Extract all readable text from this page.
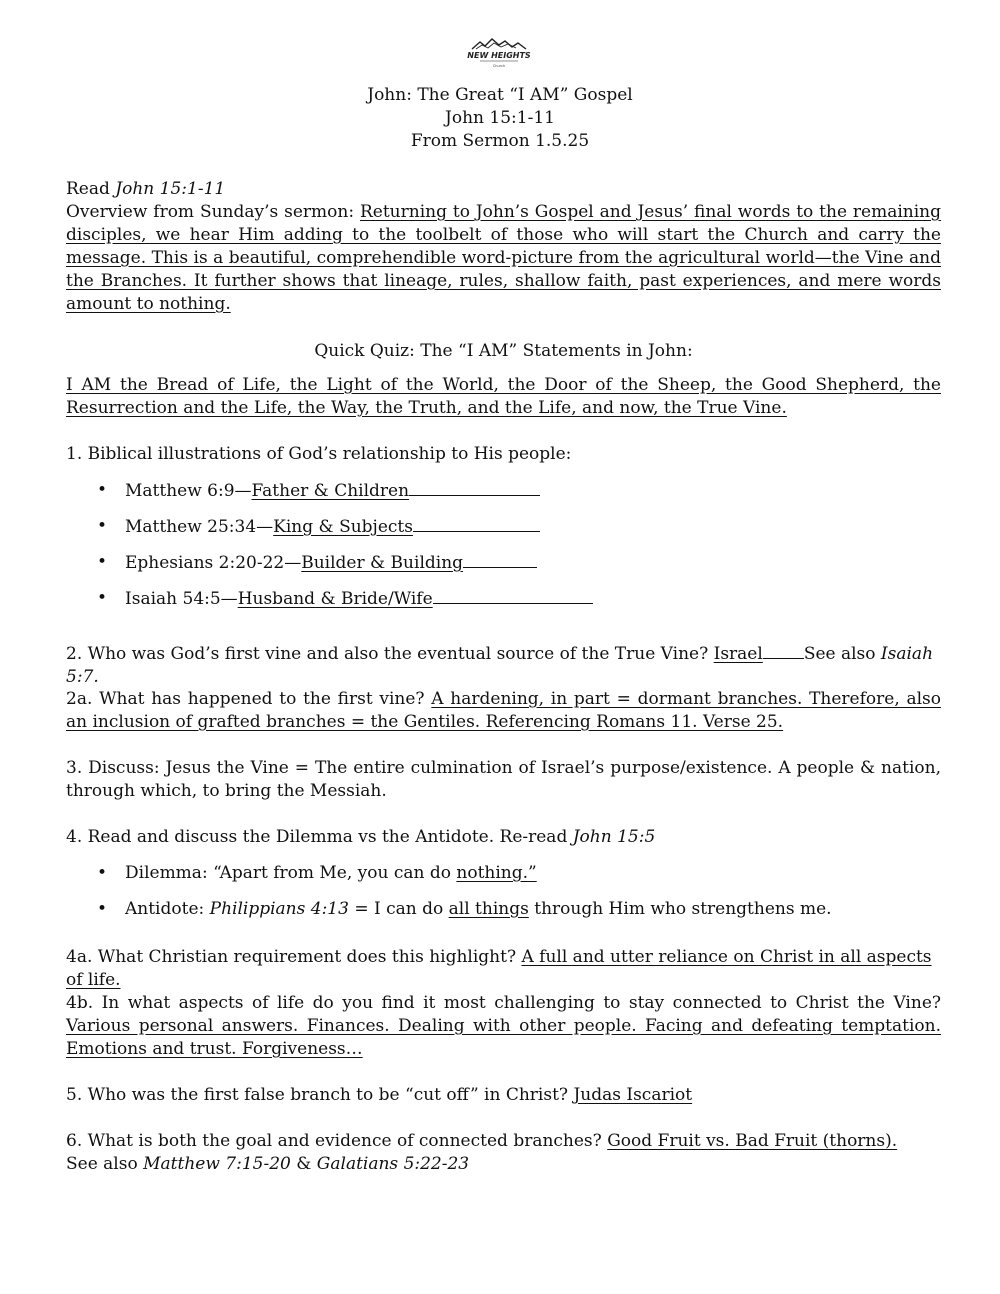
NEW HEIGHTS
Church
John: The Great “I AM” Gospel
John 15:1-11
From Sermon 1.5.25
Read John 15:1-11
Overview from Sunday’s sermon: Returning to John’s Gospel and Jesus’ final words to the remaining disciples, we hear Him adding to the toolbelt of those who will start the Church and carry the message. This is a beautiful, comprehendible word-picture from the agricultural world—the Vine and the Branches. It further shows that lineage, rules, shallow faith, past experiences, and mere words amount to nothing.
Quick Quiz: The “I AM” Statements in John:
I AM the Bread of Life, the Light of the World, the Door of the Sheep, the Good Shepherd, the Resurrection and the Life, the Way, the Truth, and the Life, and now, the True Vine.
1. Biblical illustrations of God’s relationship to His people:
• Matthew 6:9—Father & Children
• Matthew 25:34—King & Subjects
• Ephesians 2:20-22—Builder & Building
• Isaiah 54:5—Husband & Bride/Wife
2. Who was God’s first vine and also the eventual source of the True Vine? Israel See also Isaiah 5:7.
2a. What has happened to the first vine? A hardening, in part = dormant branches. Therefore, also an inclusion of grafted branches = the Gentiles. Referencing Romans 11. Verse 25.
3. Discuss: Jesus the Vine = The entire culmination of Israel’s purpose/existence. A people & nation, through which, to bring the Messiah.
4. Read and discuss the Dilemma vs the Antidote. Re-read John 15:5
• Dilemma: “Apart from Me, you can do nothing.”
• Antidote: Philippians 4:13 = I can do all things through Him who strengthens me.
4a. What Christian requirement does this highlight? A full and utter reliance on Christ in all aspects of life.
4b. In what aspects of life do you find it most challenging to stay connected to Christ the Vine? Various personal answers. Finances. Dealing with other people. Facing and defeating temptation. Emotions and trust. Forgiveness…
5. Who was the first false branch to be “cut off” in Christ? Judas Iscariot
6. What is both the goal and evidence of connected branches? Good Fruit vs. Bad Fruit (thorns).
See also Matthew 7:15-20 & Galatians 5:22-23
